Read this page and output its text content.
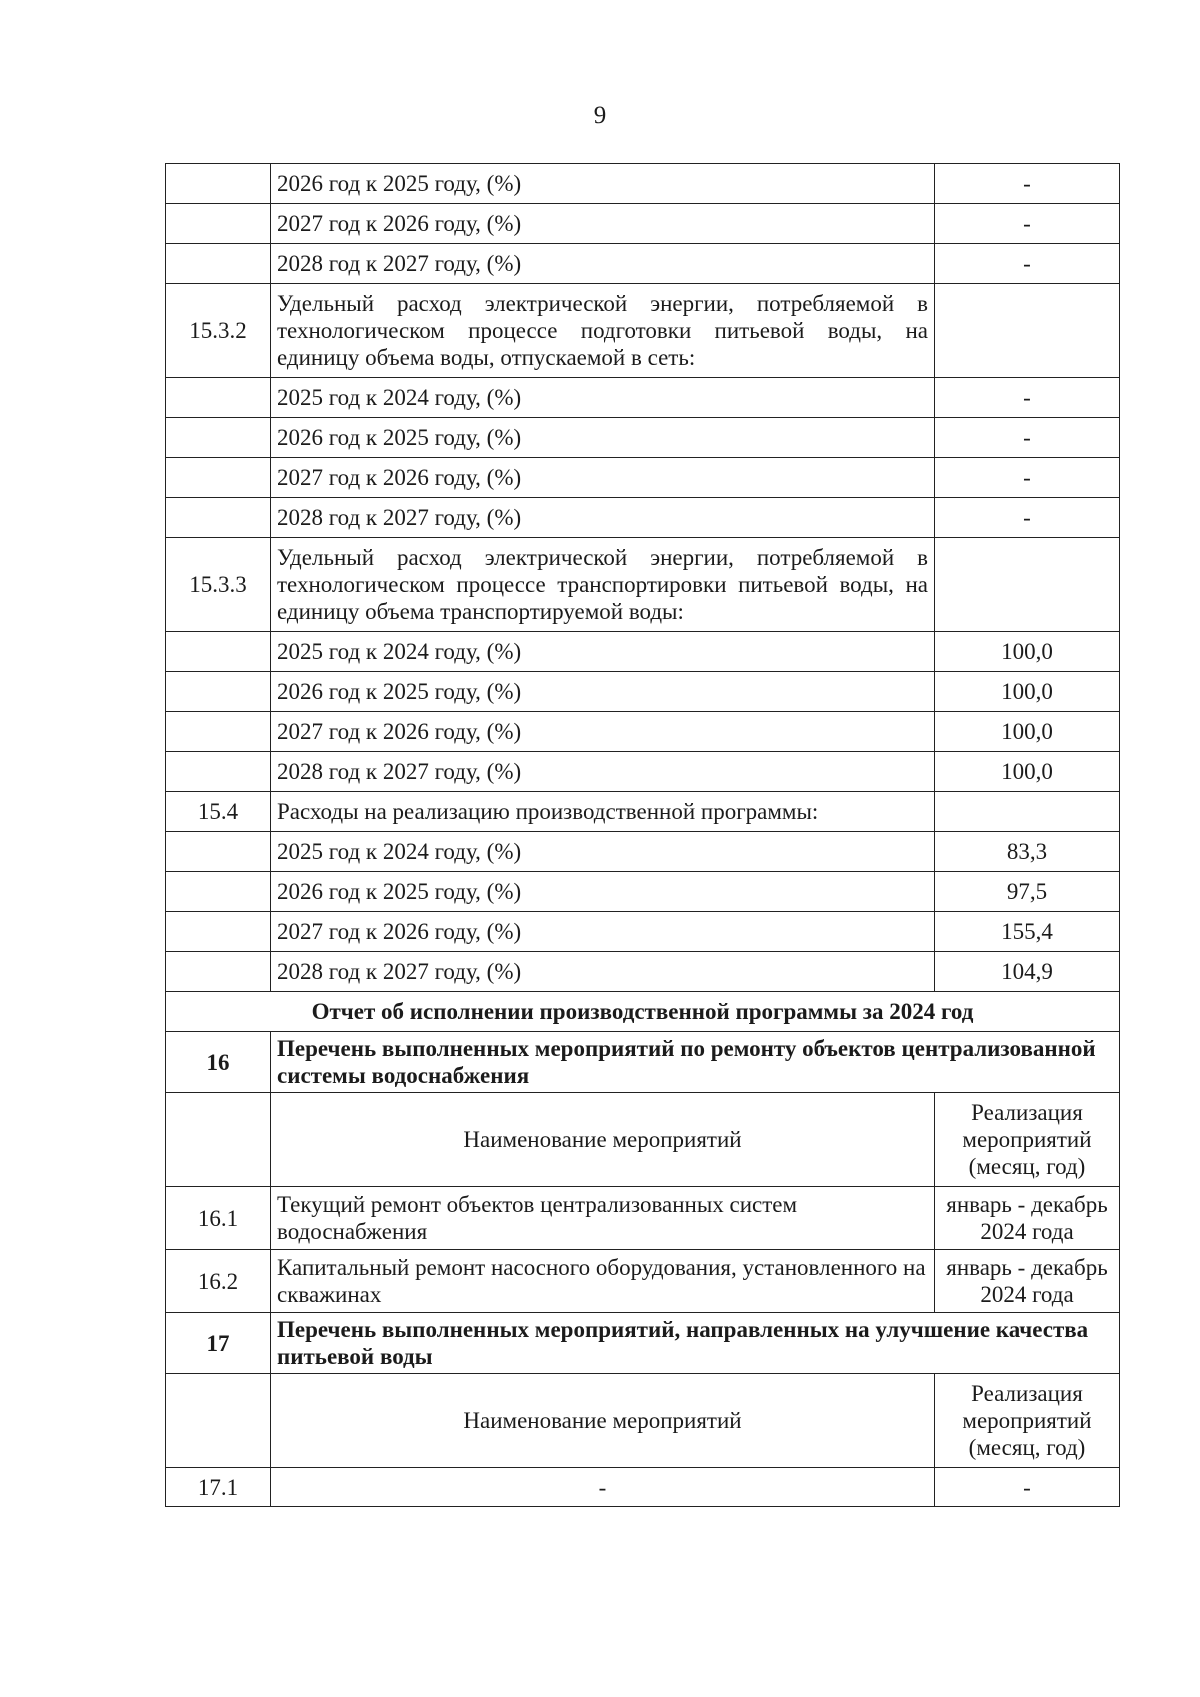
9
	2026 год к 2025 году, (%)	-
	2027 год к 2026 году, (%)	-
	2028 год к 2027 году, (%)	-
15.3.2	Удельный расход электрической энергии, потребляемой в технологическом процессе подготовки питьевой воды, на единицу объема воды, отпускаемой в сеть:	
	2025 год к 2024 году, (%)	-
	2026 год к 2025 году, (%)	-
	2027 год к 2026 году, (%)	-
	2028 год к 2027 году, (%)	-
15.3.3	Удельный расход электрической энергии, потребляемой в технологическом процессе транспортировки питьевой воды, на единицу объема транспортируемой воды:	
	2025 год к 2024 году, (%)	100,0
	2026 год к 2025 году, (%)	100,0
	2027 год к 2026 году, (%)	100,0
	2028 год к 2027 году, (%)	100,0
15.4	Расходы на реализацию производственной программы:	
	2025 год к 2024 году, (%)	83,3
	2026 год к 2025 году, (%)	97,5
	2027 год к 2026 году, (%)	155,4
	2028 год к 2027 году, (%)	104,9
Отчет об исполнении производственной программы за 2024 год		
16	Перечень выполненных мероприятий по ремонту объектов централизованной системы водоснабжения	
	Наименование мероприятий	Реализация мероприятий (месяц, год)
16.1	Текущий ремонт объектов централизованных систем водоснабжения	январь - декабрь 2024 года
16.2	Капитальный ремонт насосного оборудования, установленного на скважинах	январь - декабрь 2024 года
17	Перечень выполненных мероприятий, направленных на улучшение качества питьевой воды	
	Наименование мероприятий	Реализация мероприятий (месяц, год)
17.1	-	-
